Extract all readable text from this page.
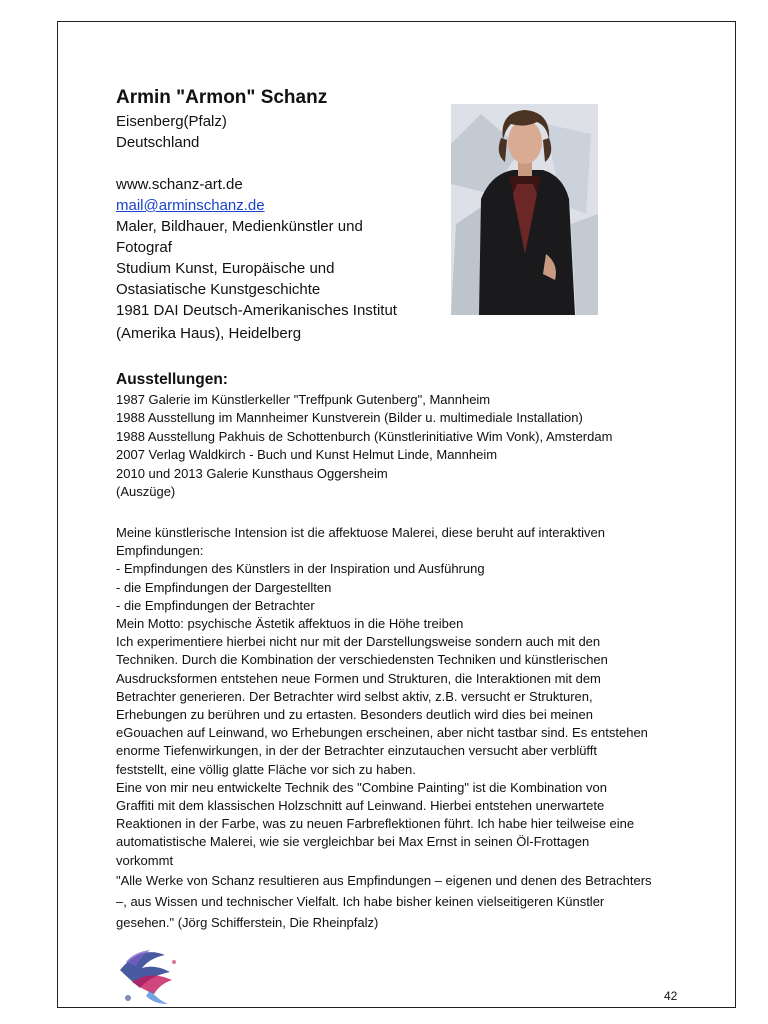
Armin "Armon" Schanz
Eisenberg(Pfalz)
Deutschland
www.schanz-art.de
mail@arminschanz.de
Maler, Bildhauer, Medienkünstler und
Fotograf
Studium Kunst, Europäische und
Ostasiatische Kunstgeschichte
1981 DAI Deutsch-Amerikanisches Institut
(Amerika Haus), Heidelberg
Ausstellungen:
1987 Galerie im Künstlerkeller "Treffpunk Gutenberg", Mannheim
1988 Ausstellung im Mannheimer Kunstverein (Bilder u. multimediale Installation)
1988 Ausstellung Pakhuis de Schottenburch (Künstlerinitiative Wim Vonk), Amsterdam
2007 Verlag Waldkirch - Buch und Kunst Helmut Linde, Mannheim
2010 und 2013 Galerie Kunsthaus Oggersheim
(Auszüge)
Meine künstlerische Intension ist die affektuose Malerei, diese beruht auf interaktiven
Empfindungen:
- Empfindungen des Künstlers in der Inspiration und Ausführung
- die Empfindungen der Dargestellten
- die Empfindungen der Betrachter
Mein Motto: psychische Ästetik affektuos in die Höhe treiben
Ich experimentiere hierbei nicht nur mit der Darstellungsweise sondern auch mit den
Techniken. Durch die Kombination der verschiedensten Techniken und künstlerischen
Ausdrucksformen entstehen neue Formen und Strukturen, die Interaktionen mit dem
Betrachter generieren. Der Betrachter wird selbst aktiv, z.B. versucht er Strukturen,
Erhebungen zu berühren und zu ertasten. Besonders deutlich wird dies bei meinen
eGouachen auf Leinwand, wo Erhebungen erscheinen, aber nicht tastbar sind. Es entstehen
enorme Tiefenwirkungen, in der der Betrachter einzutauchen versucht aber verblüfft
feststellt, eine völlig glatte Fläche vor sich zu haben.
Eine von mir neu entwickelte Technik des "Combine Painting" ist die Kombination von
Graffiti mit dem klassischen Holzschnitt auf Leinwand. Hierbei entstehen unerwartete
Reaktionen in der Farbe, was zu neuen Farbreflektionen führt. Ich habe hier teilweise eine
automatistische Malerei, wie sie vergleichbar bei Max Ernst in seinen Öl-Frottagen
vorkommt
"Alle Werke von Schanz resultieren aus Empfindungen – eigenen und denen des Betrachters
–, aus Wissen und technischer Vielfalt. Ich habe bisher keinen vielseitigeren Künstler
gesehen." (Jörg Schifferstein, Die Rheinpfalz)
42
